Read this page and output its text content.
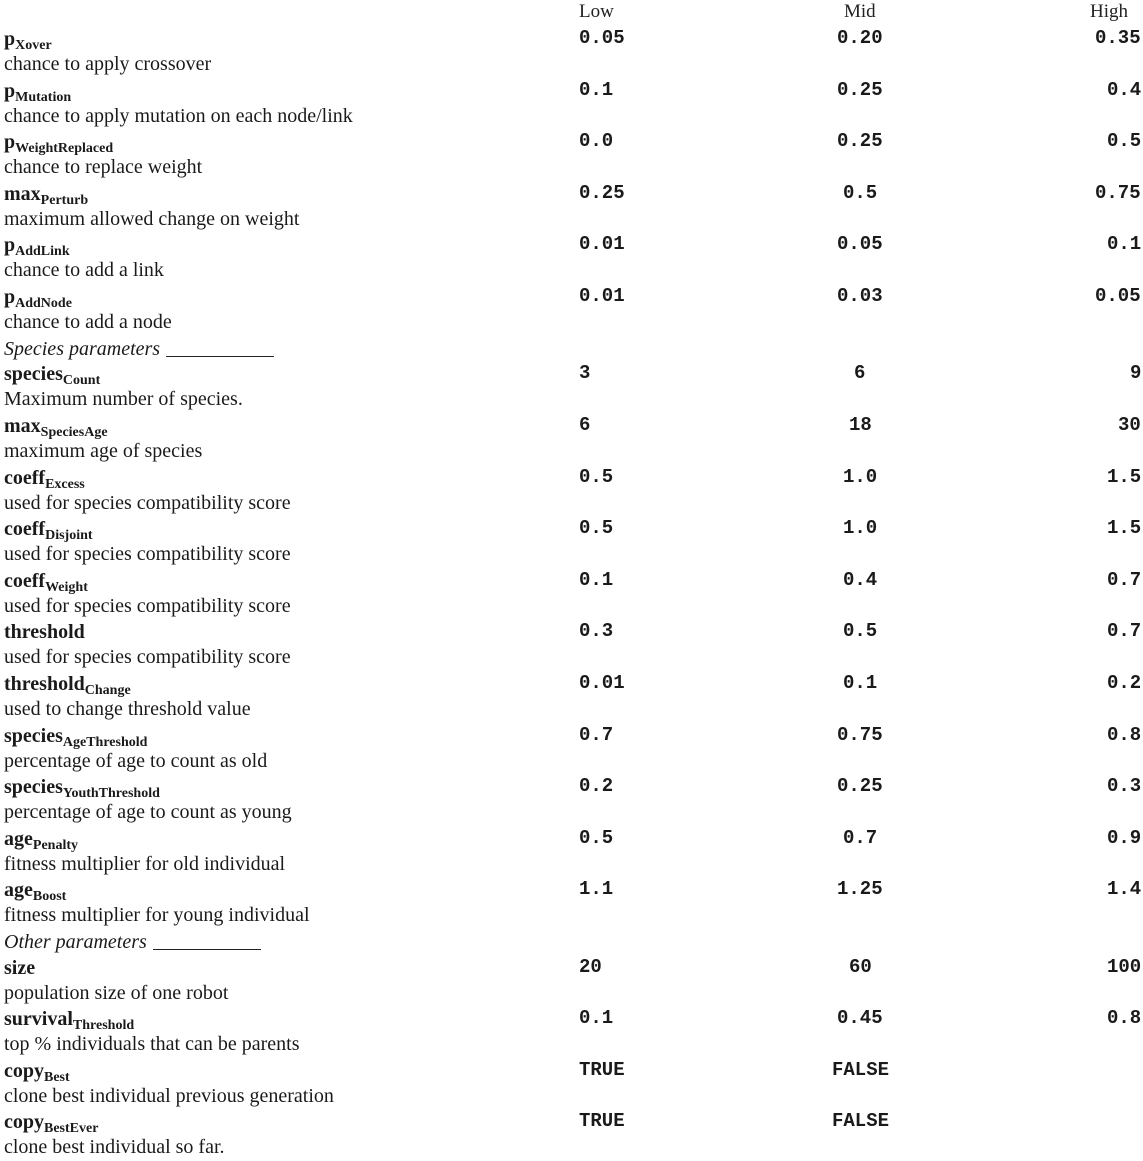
Low	Mid	High
$p_{Xover}$
chance to apply crossover
0.05	0.20	0.35
$p_{Mutation}$
chance to apply mutation on each node/link
0.1	0.25	0.4
$p_{WeightReplaced}$
chance to replace weight
0.0	0.25	0.5
$\max_{Perturb}$
maximum allowed change on weight
0.25	0.5	0.75
$p_{AddLink}$
chance to add a link
0.01	0.05	0.1
$p_{AddNode}$
chance to add a node
0.01	0.03	0.05
Species parameters
species$_{Count}$
Maximum number of species.
3	6	9
$\max_{SpeciesAge}$
maximum age of species
6	18	30
coeff$_{Excess}$
used for species compatibility score
0.5	1.0	1.5
coeff$_{Disjoint}$
used for species compatibility score
0.5	1.0	1.5
coeff$_{Weight}$
used for species compatibility score
0.1	0.4	0.7
threshold
used for species compatibility score
0.3	0.5	0.7
threshold$_{Change}$
used to change threshold value
0.01	0.1	0.2
species$_{AgeThreshold}$
percentage of age to count as old
0.7	0.75	0.8
species$_{YouthThreshold}$
percentage of age to count as young
0.2	0.25	0.3
age$_{Penalty}$
fitness multiplier for old individual
0.5	0.7	0.9
age$_{Boost}$
fitness multiplier for young individual
1.1	1.25	1.4
Other parameters
size
population size of one robot
20	60	100
survival$_{Threshold}$
top % individuals that can be parents
0.1	0.45	0.8
copy$_{Best}$
clone best individual previous generation
TRUE	FALSE
copy$_{BestEver}$
clone best individual so far.
TRUE	FALSE
